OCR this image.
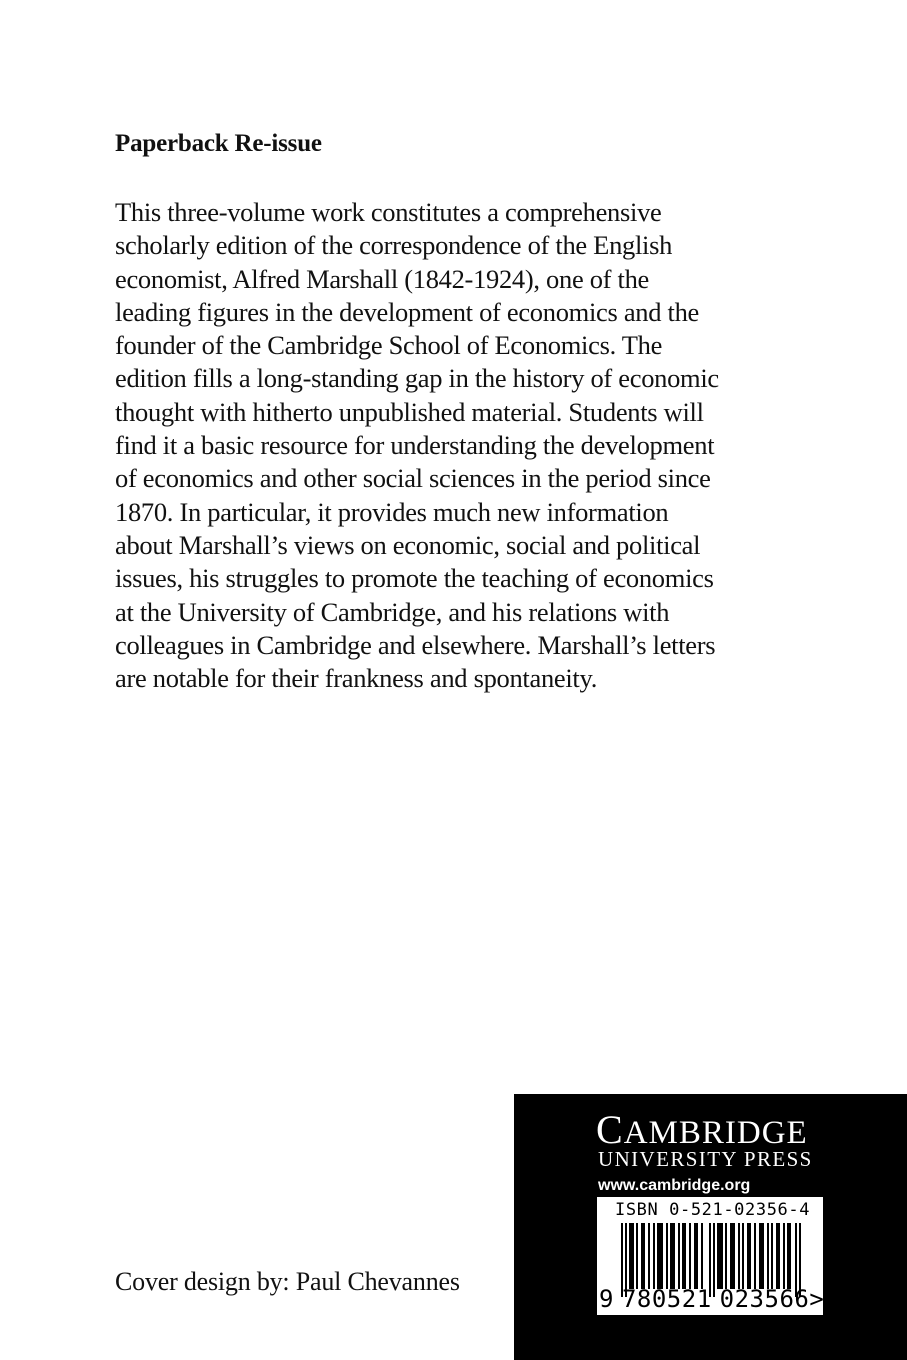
Paperback Re-issue
This three-volume work constitutes a comprehensive
scholarly edition of the correspondence of the English
economist, Alfred Marshall (1842-1924), one of the
leading figures in the development of economics and the
founder of the Cambridge School of Economics. The
edition fills a long-standing gap in the history of economic
thought with hitherto unpublished material. Students will
find it a basic resource for understanding the development
of economics and other social sciences in the period since
1870. In particular, it provides much new information
about Marshall’s views on economic, social and political
issues, his struggles to promote the teaching of economics
at the University of Cambridge, and his relations with
colleagues in Cambridge and elsewhere. Marshall’s letters
are notable for their frankness and spontaneity.
Cover design by: Paul Chevannes
CAMBRIDGE
UNIVERSITY PRESS
www.cambridge.org
ISBN 0-521-02356-4
9 780521 023566>
